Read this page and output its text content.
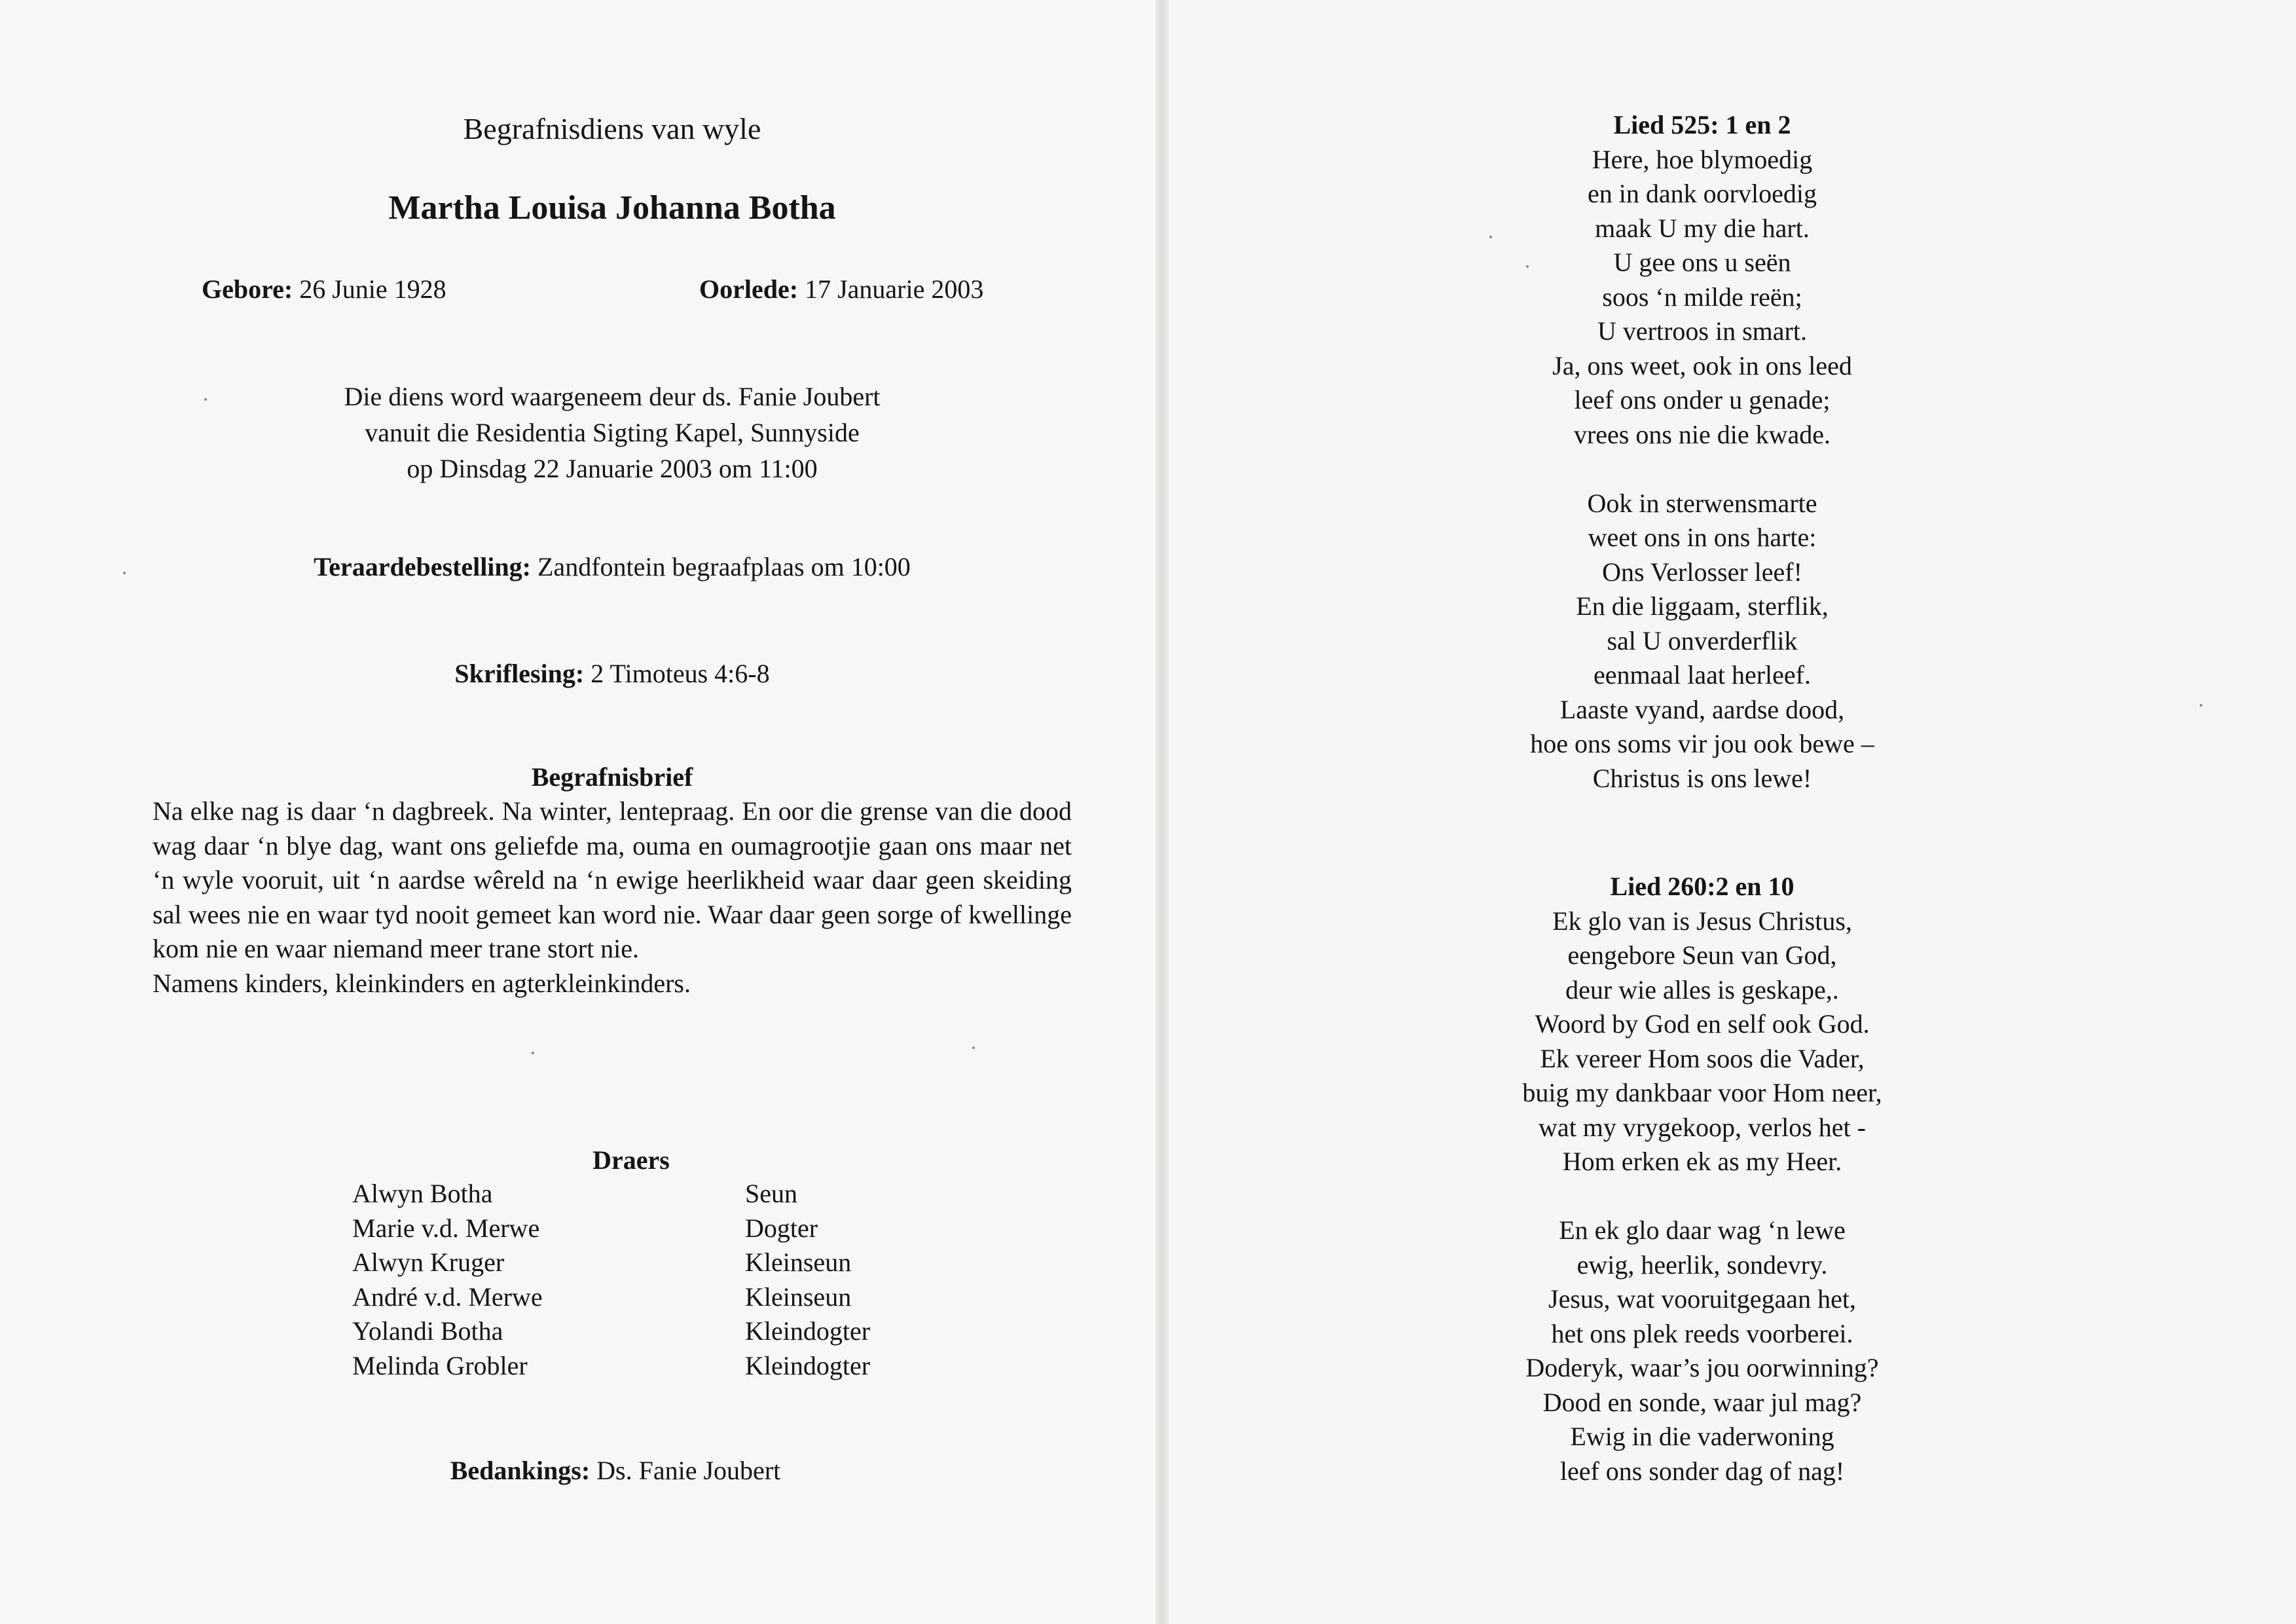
Begrafnisdiens van wyle
Martha Louisa Johanna Botha
Gebore: 26 Junie 1928	Oorlede: 17 Januarie 2003
Die diens word waargeneem deur ds. Fanie Joubert
vanuit die Residentia Sigting Kapel, Sunnyside
op Dinsdag 22 Januarie 2003 om 11:00
Teraardebestelling: Zandfontein begraafplaas om 10:00
Skriflesing: 2 Timoteus 4:6-8
Begrafnisbrief

Na elke nag is daar ‘n dagbreek. Na winter, lentepraag. En oor die grense van die dood wag daar ‘n blye dag, want ons geliefde ma, ouma en oumagrootjie gaan ons maar net ‘n wyle vooruit, uit ‘n aardse wêreld na ‘n ewige heerlikheid waar daar geen skeiding sal wees nie en waar tyd nooit gemeet kan word nie. Waar daar geen sorge of kwellinge kom nie en waar niemand meer trane stort nie.

Namens kinders, kleinkinders en agterkleinkinders.

Draers
Alwyn Botha	Seun
Marie v.d. Merwe	Dogter
Alwyn Kruger	Kleinseun
André v.d. Merwe	Kleinseun
Yolandi Botha	Kleindogter
Melinda Grobler	Kleindogter
Bedankings: Ds. Fanie Joubert
Lied 525: 1 en 2
Here, hoe blymoedig
en in dank oorvloedig
maak U my die hart.
U gee ons u seën
soos ‘n milde reën;
U vertroos in smart.
Ja, ons weet, ook in ons leed
leef ons onder u genade;
vrees ons nie die kwade.
Ook in sterwensmarte
weet ons in ons harte:
Ons Verlosser leef!
En die liggaam, sterflik,
sal U onverderflik
eenmaal laat herleef.
Laaste vyand, aardse dood,
hoe ons soms vir jou ook bewe –
Christus is ons lewe!
Lied 260:2 en 10
Ek glo van is Jesus Christus,
eengebore Seun van God,
deur wie alles is geskape,.
Woord by God en self ook God.
Ek vereer Hom soos die Vader,
buig my dankbaar voor Hom neer,
wat my vrygekoop, verlos het -
Hom erken ek as my Heer.
En ek glo daar wag ‘n lewe
ewig, heerlik, sondevry.
Jesus, wat vooruitgegaan het,
het ons plek reeds voorberei.
Doderyk, waar’s jou oorwinning?
Dood en sonde, waar jul mag?
Ewig in die vaderwoning
leef ons sonder dag of nag!
